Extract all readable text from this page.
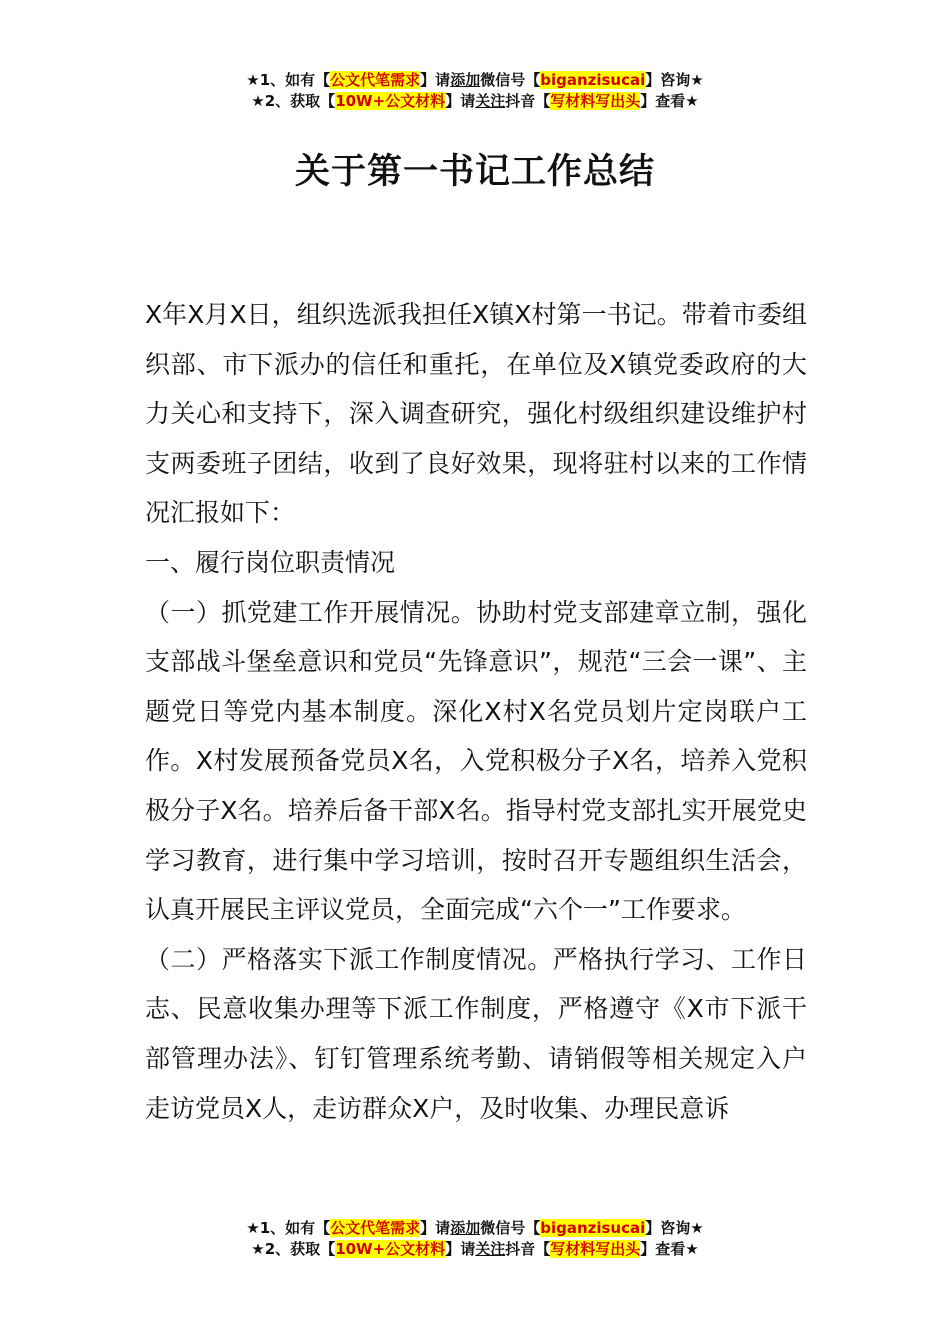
★1、如有【公文代笔需求】请添加微信号【biganzisucai】咨询★
★2、获取【10W+公文材料】请关注抖音【写材料写出头】查看★
关于第一书记工作总结

X年X月X日，组织选派我担任X镇X村第一书记。带着市委组织部、市下派办的信任和重托，在单位及X镇党委政府的大力关心和支持下，深入调查研究，强化村级组织建设维护村支两委班子团结，收到了良好效果，现将驻村以来的工作情况汇报如下：

一、履行岗位职责情况

（一）抓党建工作开展情况。协助村党支部建章立制，强化支部战斗堡垒意识和党员“先锋意识”，规范“三会一课”、主题党日等党内基本制度。深化X村X名党员划片定岗联户工作。X村发展预备党员X名，入党积极分子X名，培养入党积极分子X名。培养后备干部X名。指导村党支部扎实开展党史学习教育，进行集中学习培训，按时召开专题组织生活会，认真开展民主评议党员，全面完成“六个一”工作要求。

（二）严格落实下派工作制度情况。严格执行学习、工作日志、民意收集办理等下派工作制度，严格遵守《X市下派干部管理办法》、钉钉管理系统考勤、请销假等相关规定入户走访党员X人，走访群众X户，及时收集、办理民意诉

★1、如有【公文代笔需求】请添加微信号【biganzisucai】咨询★
★2、获取【10W+公文材料】请关注抖音【写材料写出头】查看★
